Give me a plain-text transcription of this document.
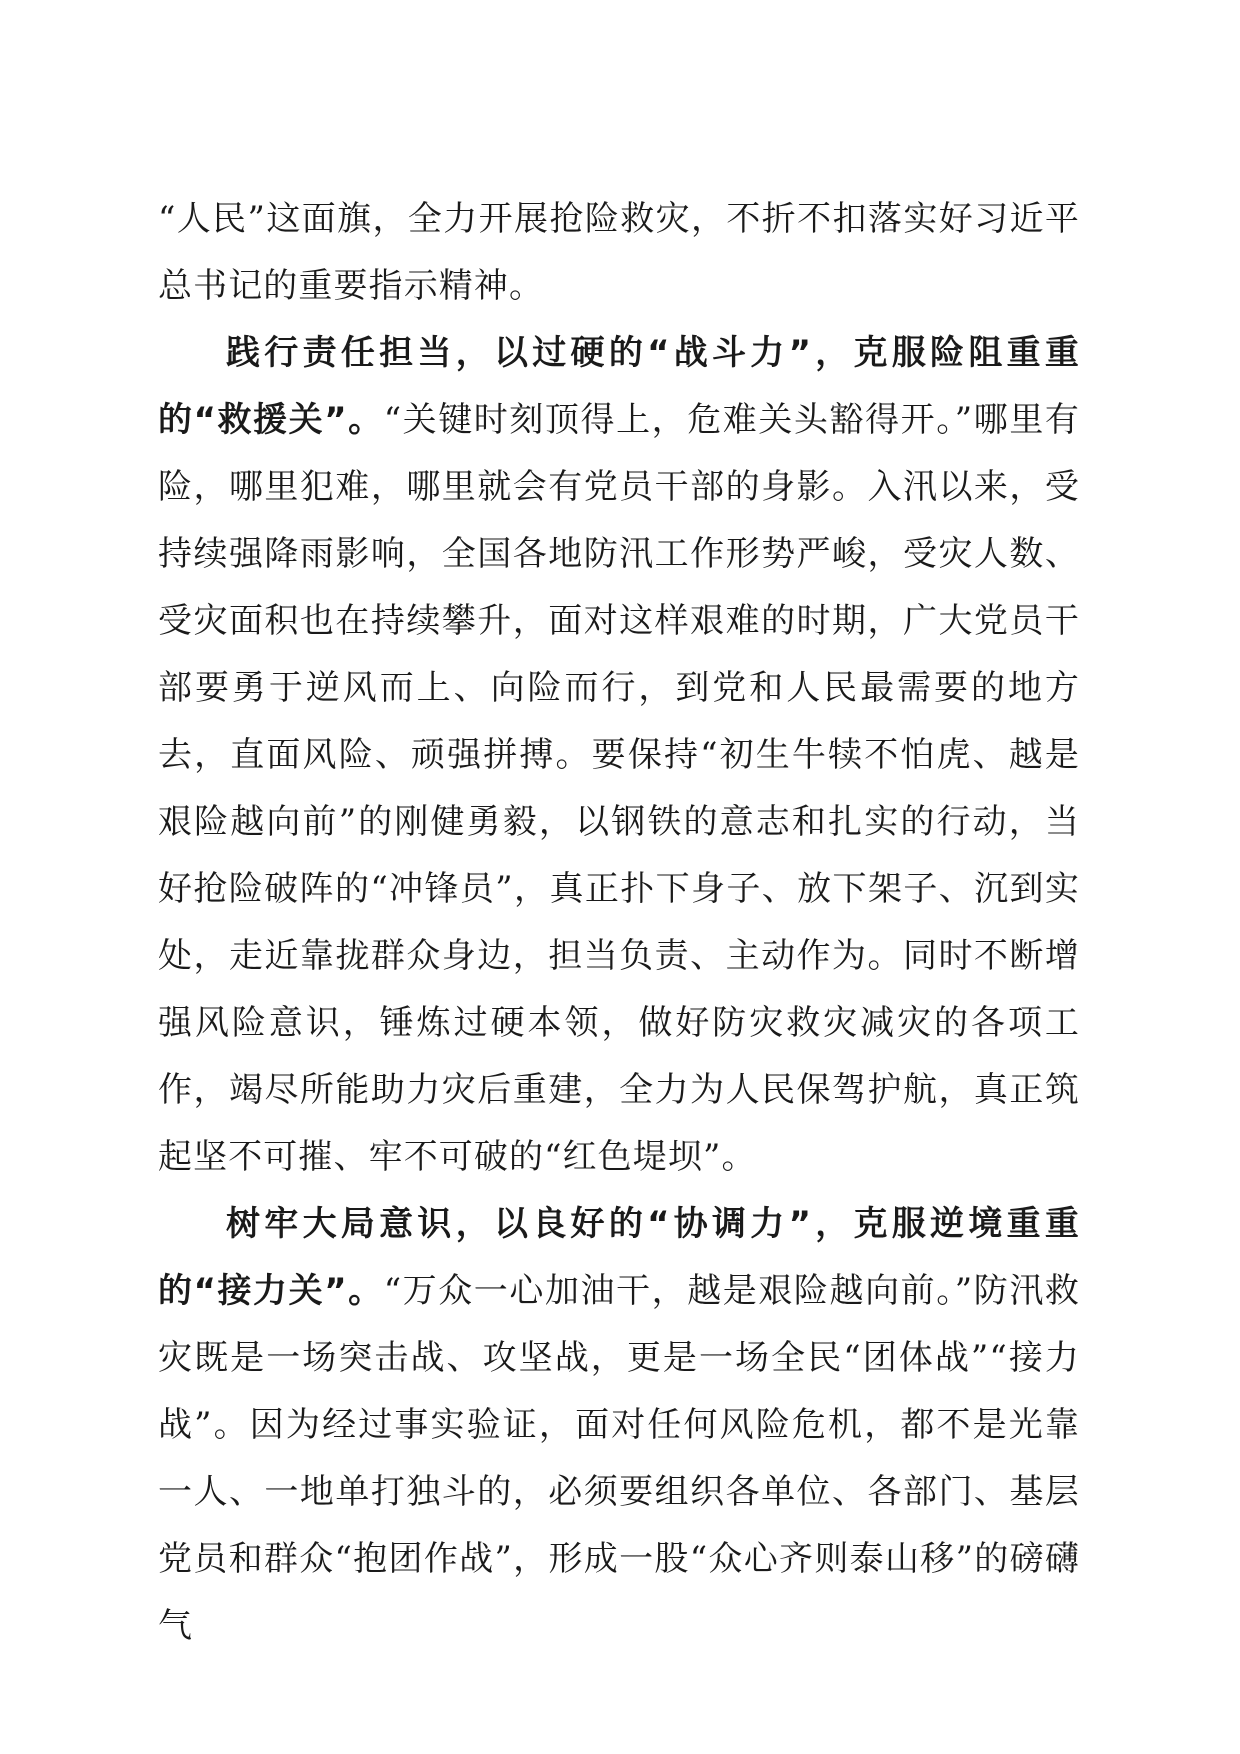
“人民”这面旗，全力开展抢险救灾，不折不扣落实好习近平总书记的重要指示精神。

践行责任担当，以过硬的“战斗力”，克服险阻重重的“救援关”。“关键时刻顶得上，危难关头豁得开。”哪里有险，哪里犯难，哪里就会有党员干部的身影。入汛以来，受持续强降雨影响，全国各地防汛工作形势严峻，受灾人数、受灾面积也在持续攀升，面对这样艰难的时期，广大党员干部要勇于逆风而上、向险而行，到党和人民最需要的地方去，直面风险、顽强拼搏。要保持“初生牛犊不怕虎、越是艰险越向前”的刚健勇毅，以钢铁的意志和扎实的行动，当好抢险破阵的“冲锋员”，真正扑下身子、放下架子、沉到实处，走近靠拢群众身边，担当负责、主动作为。同时不断增强风险意识，锤炼过硬本领，做好防灾救灾减灾的各项工作，竭尽所能助力灾后重建，全力为人民保驾护航，真正筑起坚不可摧、牢不可破的“红色堤坝”。

树牢大局意识，以良好的“协调力”，克服逆境重重的“接力关”。“万众一心加油干，越是艰险越向前。”防汛救灾既是一场突击战、攻坚战，更是一场全民“团体战”“接力战”。因为经过事实验证，面对任何风险危机，都不是光靠一人、一地单打独斗的，必须要组织各单位、各部门、基层党员和群众“抱团作战”，形成一股“众心齐则泰山移”的磅礴气
